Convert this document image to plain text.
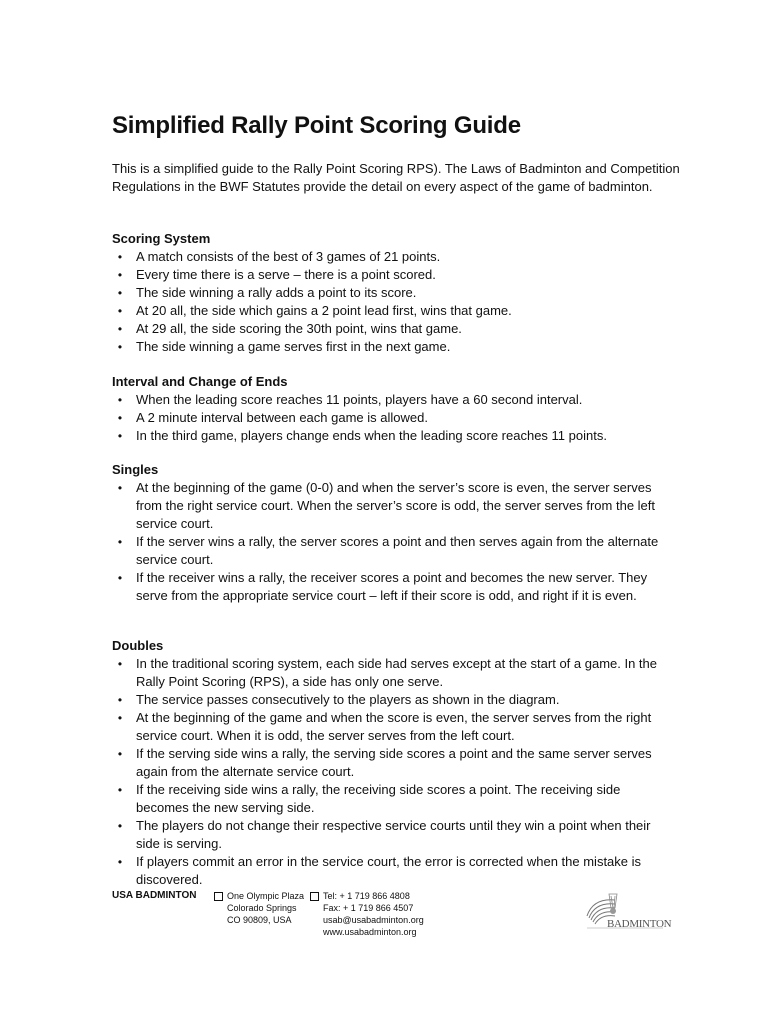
Simplified Rally Point Scoring Guide

This is a simplified guide to the Rally Point Scoring RPS). The Laws of Badminton and Competition Regulations in the BWF Statutes provide the detail on every aspect of the game of badminton.

Scoring System
•	A match consists of the best of 3 games of 21 points.
•	Every time there is a serve – there is a point scored.
•	The side winning a rally adds a point to its score.
•	At 20 all, the side which gains a 2 point lead first, wins that game.
•	At 29 all, the side scoring the 30th point, wins that game.
•	The side winning a game serves first in the next game.
Interval and Change of Ends
•	When the leading score reaches 11 points, players have a 60 second interval.
•	A 2 minute interval between each game is allowed.
•	In the third game, players change ends when the leading score reaches 11 points.
Singles
•	At the beginning of the game (0-0) and when the server’s score is even, the server serves from the right service court. When the server’s score is odd, the server serves from the left service court.
•	If the server wins a rally, the server scores a point and then serves again from the alternate service court.
•	If the receiver wins a rally, the receiver scores a point and becomes the new server. They serve from the appropriate service court – left if their score is odd, and right if it is even.
Doubles
•	In the traditional scoring system, each side had serves except at the start of a game. In the Rally Point Scoring (RPS), a side has only one serve.
•	The service passes consecutively to the players as shown in the diagram.
•	At the beginning of the game and when the score is even, the server serves from the right service court. When it is odd, the server serves from the left court.
•	If the serving side wins a rally, the serving side scores a point and the same server serves again from the alternate service court.
•	If the receiving side wins a rally, the receiving side scores a point. The receiving side becomes the new serving side.
•	The players do not change their respective service courts until they win a point when their side is serving.
•	If players commit an error in the service court, the error is corrected when the mistake is discovered.
USA BADMINTON	One Olympic Plaza
Colorado Springs
CO 90809, USA
Tel: + 1 719 866 4808
Fax: + 1 719 866 4507
usab@usabadminton.org
www.usabadminton.org
BADMINTON
